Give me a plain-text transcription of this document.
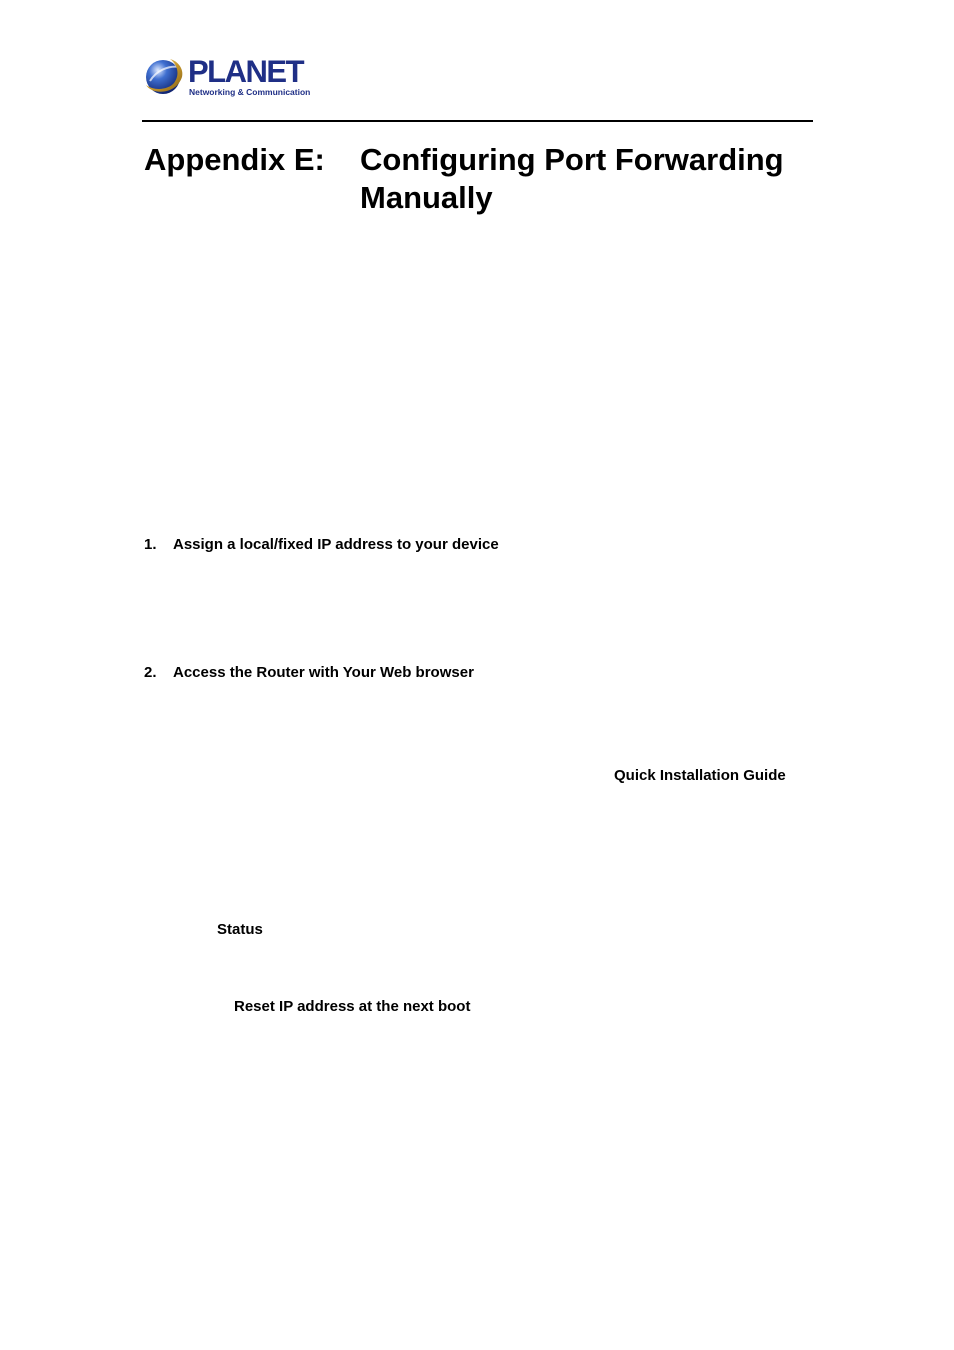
PLANET
Networking & Communication
Appendix E: Configuring Port Forwarding
Manually
1. Assign a local/fixed IP address to your device
2. Access the Router with Your Web browser
Quick Installation Guide
Status
Reset IP address at the next boot
